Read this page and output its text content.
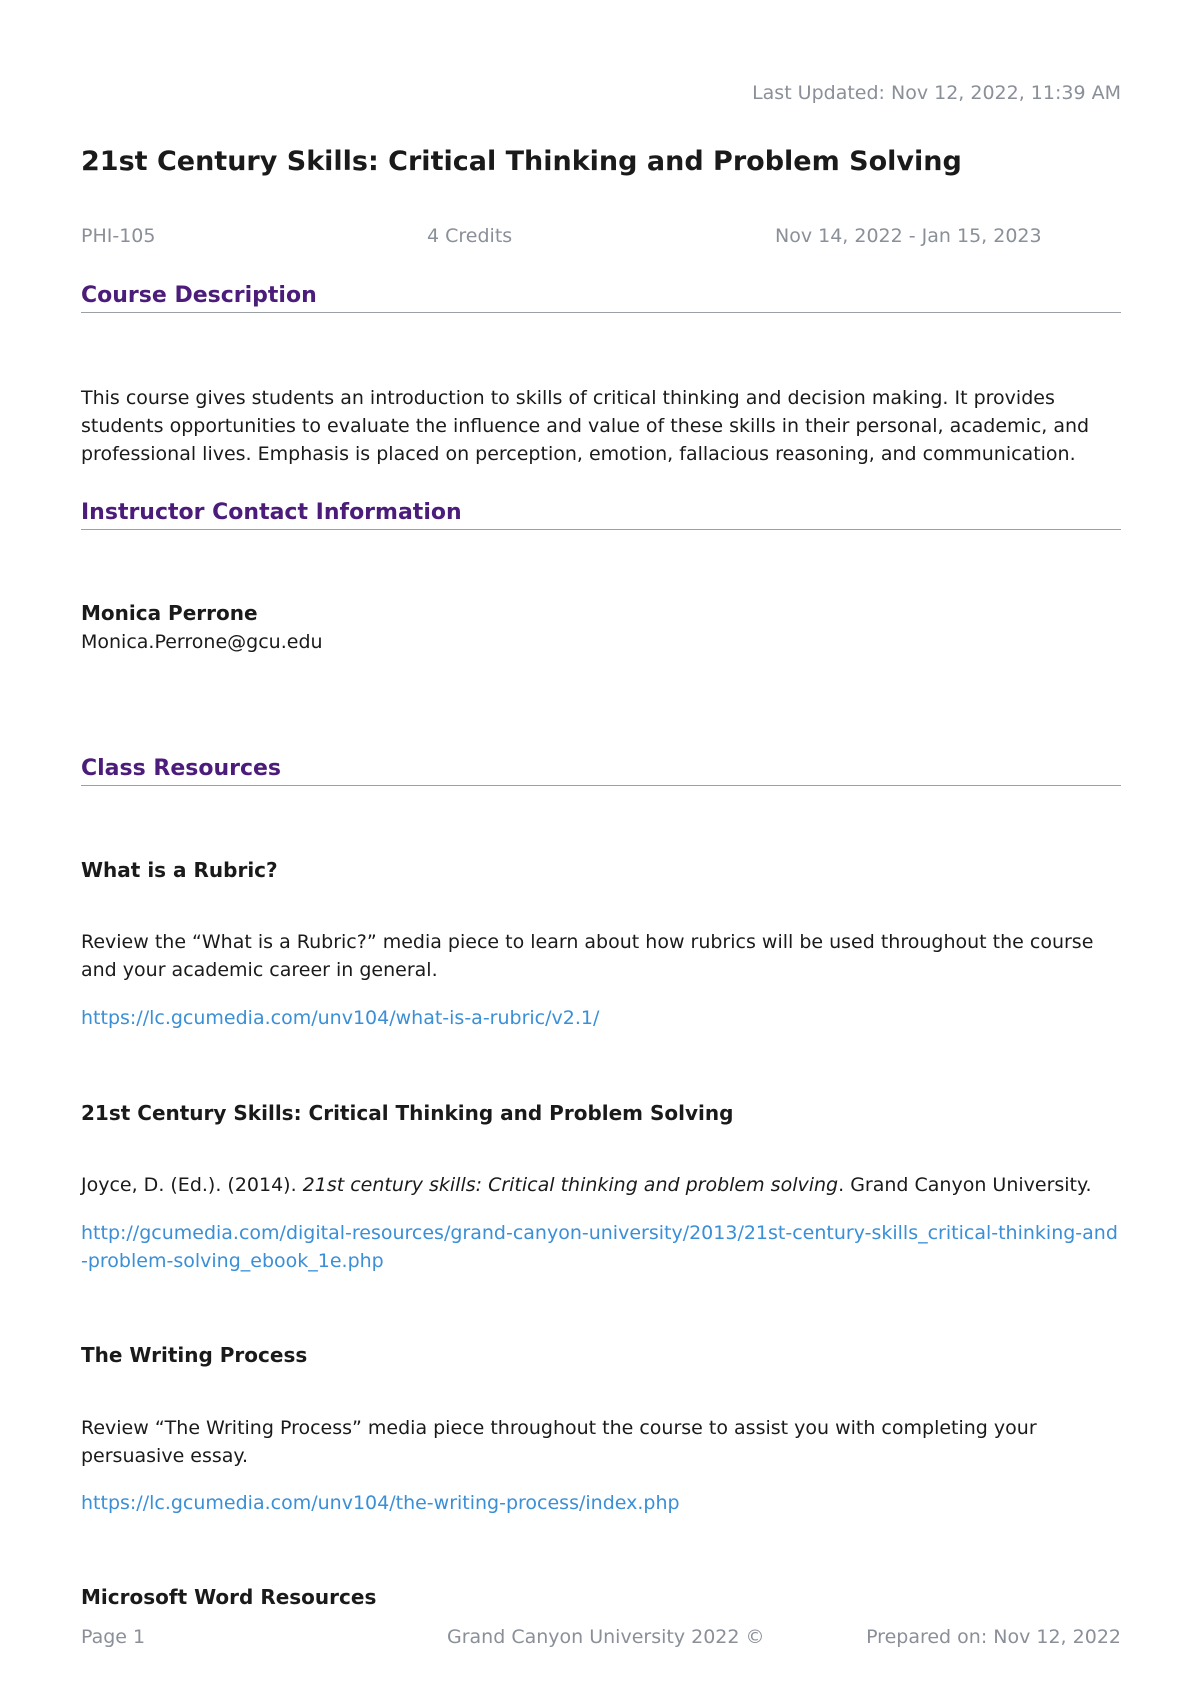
Last Updated: Nov 12, 2022, 11:39 AM
21st Century Skills: Critical Thinking and Problem Solving
PHI-105	4 Credits	Nov 14, 2022 - Jan 15, 2023
Course Description

This course gives students an introduction to skills of critical thinking and decision making. It provides students opportunities to evaluate the influence and value of these skills in their personal, academic, and professional lives. Emphasis is placed on perception, emotion, fallacious reasoning, and communication.

Instructor Contact Information
Monica Perrone
Monica.Perrone@gcu.edu
Class Resources
What is a Rubric?

Review the “What is a Rubric?” media piece to learn about how rubrics will be used throughout the course and your academic career in general.

https://lc.gcumedia.com/unv104/what-is-a-rubric/v2.1/
21st Century Skills: Critical Thinking and Problem Solving

Joyce, D. (Ed.). (2014). 21st century skills: Critical thinking and problem solving. Grand Canyon University.

http://gcumedia.com/digital-resources/grand-canyon-university/2013/21st-century-skills_critical-thinking-and-problem-solving_ebook_1e.php
The Writing Process

Review “The Writing Process” media piece throughout the course to assist you with completing your persuasive essay.

https://lc.gcumedia.com/unv104/the-writing-process/index.php
Microsoft Word Resources
Page 1	Grand Canyon University 2022 ©	Prepared on: Nov 12, 2022
